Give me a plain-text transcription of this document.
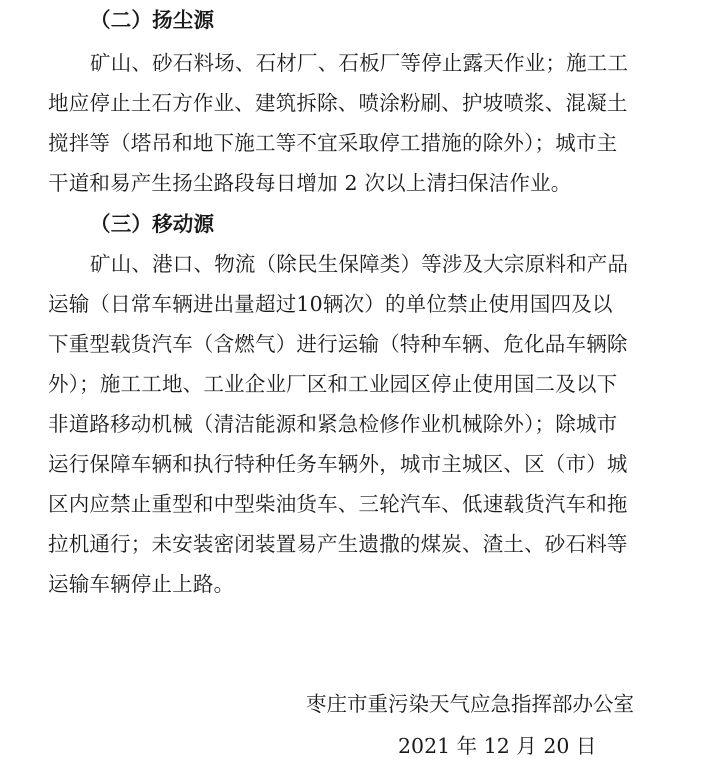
（二）扬尘源
矿山、砂石料场、石材厂、石板厂等停止露天作业；施工工
地应停止土石方作业、建筑拆除、喷涂粉刷、护坡喷浆、混凝土
搅拌等（塔吊和地下施工等不宜采取停工措施的除外）；城市主
干道和易产生扬尘路段每日增加 2 次以上清扫保洁作业。
（三）移动源
矿山、港口、物流（除民生保障类）等涉及大宗原料和产品
运输（日常车辆进出量超过10辆次）的单位禁止使用国四及以
下重型载货汽车（含燃气）进行运输（特种车辆、危化品车辆除
外）；施工工地、工业企业厂区和工业园区停止使用国二及以下
非道路移动机械（清洁能源和紧急检修作业机械除外）；除城市
运行保障车辆和执行特种任务车辆外，城市主城区、区（市）城
区内应禁止重型和中型柴油货车、三轮汽车、低速载货汽车和拖
拉机通行；未安装密闭装置易产生遗撒的煤炭、渣土、砂石料等
运输车辆停止上路。
枣庄市重污染天气应急指挥部办公室
2021 年 12 月 20 日
